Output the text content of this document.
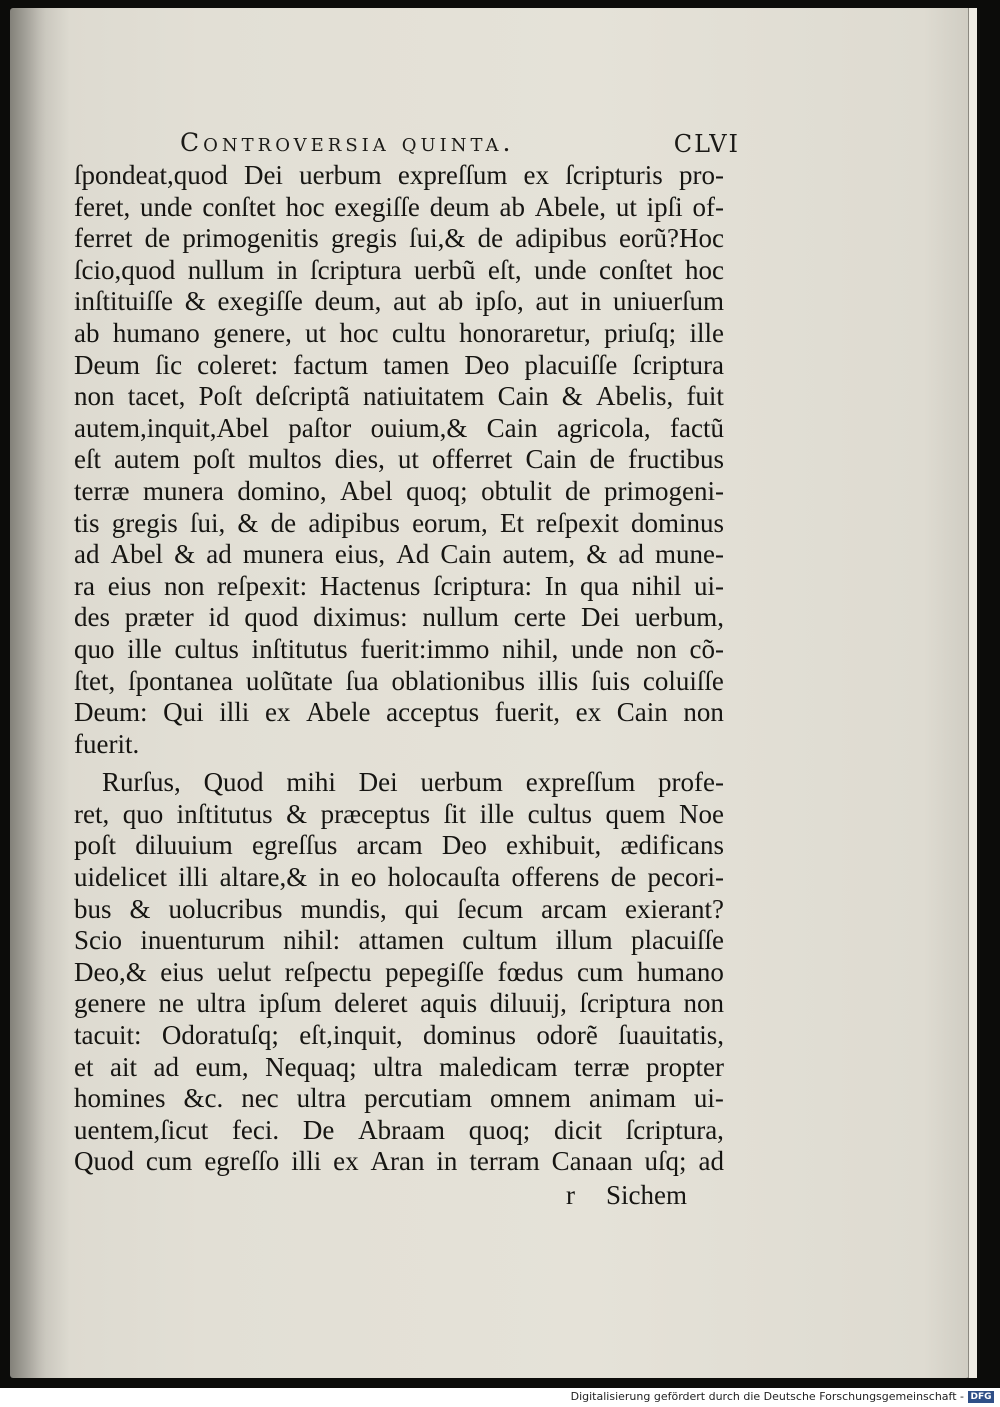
Controversia quinta.	CLVI
ſpondeat,quod Dei uerbum expreſſum ex ſcripturis pro-
feret, unde conſtet hoc exegiſſe deum ab Abele, ut ipſi of-
ferret de primogenitis gregis ſui,& de adipibus eorũ?Hoc
ſcio,quod nullum in ſcriptura uerbũ eſt, unde conſtet hoc
inſtituiſſe & exegiſſe deum, aut ab ipſo, aut in uniuerſum
ab humano genere, ut hoc cultu honoraretur, priuſq; ille
Deum ſic coleret: factum tamen Deo placuiſſe ſcriptura
non tacet, Poſt deſcriptã natiuitatem Cain & Abelis, fuit
autem,inquit,Abel paſtor ouium,& Cain agricola, factũ
eſt autem poſt multos dies, ut offerret Cain de fructibus
terræ munera domino, Abel quoq; obtulit de primogeni-
tis gregis ſui, & de adipibus eorum, Et reſpexit dominus
ad Abel & ad munera eius, Ad Cain autem, & ad mune-
ra eius non reſpexit: Hactenus ſcriptura: In qua nihil ui-
des præter id quod diximus: nullum certe Dei uerbum,
quo ille cultus inſtitutus fuerit:immo nihil, unde non cõ-
ſtet, ſpontanea uolũtate ſua oblationibus illis ſuis coluiſſe
Deum: Qui illi ex Abele acceptus fuerit, ex Cain non
fuerit.
Rurſus, Quod mihi Dei uerbum expreſſum profe-
ret, quo inſtitutus & præceptus ſit ille cultus quem Noe
poſt diluuium egreſſus arcam Deo exhibuit, ædificans
uidelicet illi altare,& in eo holocauſta offerens de pecori-
bus & uolucribus mundis, qui ſecum arcam exierant?
Scio inuenturum nihil: attamen cultum illum placuiſſe
Deo,& eius uelut reſpectu pepegiſſe fœdus cum humano
genere ne ultra ipſum deleret aquis diluuij, ſcriptura non
tacuit: Odoratuſq; eſt,inquit, dominus odorẽ ſuauitatis,
et ait ad eum, Nequaq; ultra maledicam terræ propter
homines &c. nec ultra percutiam omnem animam ui-
uentem,ſicut feci. De Abraam quoq; dicit ſcriptura,
Quod cum egreſſo illi ex Aran in terram Canaan uſq; ad
r Sichem
Digitalisierung gefördert durch die Deutsche Forschungsgemeinschaft - DFG
